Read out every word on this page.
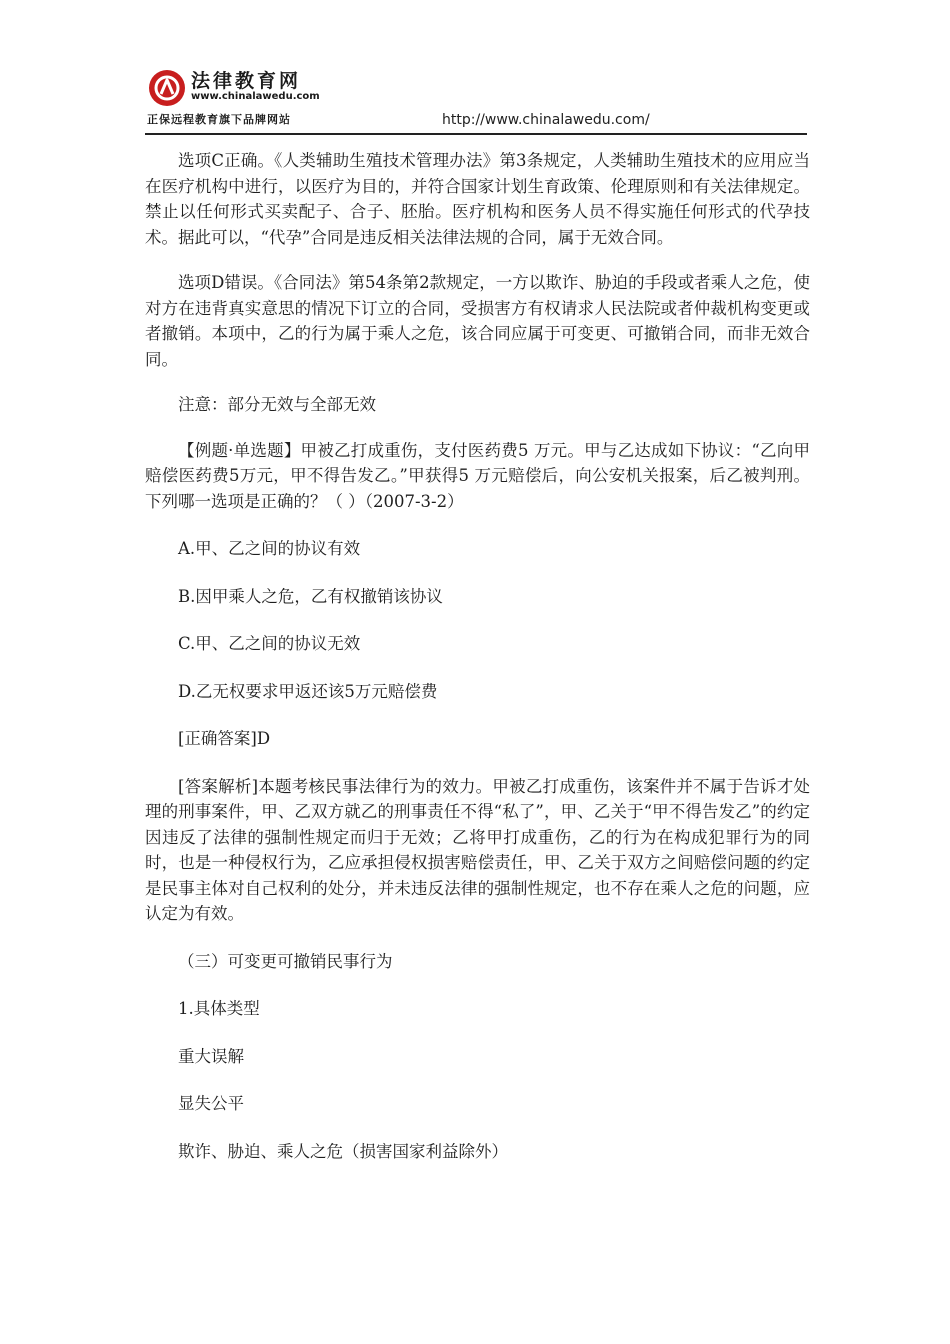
法律教育网
www.chinalawedu.com
正保远程教育旗下品牌网站	http://www.chinalawedu.com/

选项C正确。《人类辅助生殖技术管理办法》第3条规定，人类辅助生殖技术的应用应当在医疗机构中进行，以医疗为目的，并符合国家计划生育政策、伦理原则和有关法律规定。禁止以任何形式买卖配子、合子、胚胎。医疗机构和医务人员不得实施任何形式的代孕技术。据此可以，“代孕”合同是违反相关法律法规的合同，属于无效合同。

选项D错误。《合同法》第54条第2款规定，一方以欺诈、胁迫的手段或者乘人之危，使对方在违背真实意思的情况下订立的合同，受损害方有权请求人民法院或者仲裁机构变更或者撤销。本项中，乙的行为属于乘人之危，该合同应属于可变更、可撤销合同，而非无效合同。

注意：部分无效与全部无效

【例题·单选题】甲被乙打成重伤，支付医药费5 万元。甲与乙达成如下协议：“乙向甲赔偿医药费5万元，甲不得告发乙。”甲获得5 万元赔偿后，向公安机关报案，后乙被判刑。下列哪一选项是正确的？（ ）（2007-3-2）

A.甲、乙之间的协议有效

B.因甲乘人之危，乙有权撤销该协议

C.甲、乙之间的协议无效

D.乙无权要求甲返还该5万元赔偿费

[正确答案]D

[答案解析]本题考核民事法律行为的效力。甲被乙打成重伤，该案件并不属于告诉才处理的刑事案件，甲、乙双方就乙的刑事责任不得“私了”，甲、乙关于“甲不得告发乙”的约定因违反了法律的强制性规定而归于无效；乙将甲打成重伤，乙的行为在构成犯罪行为的同时，也是一种侵权行为，乙应承担侵权损害赔偿责任，甲、乙关于双方之间赔偿问题的约定是民事主体对自己权利的处分，并未违反法律的强制性规定，也不存在乘人之危的问题，应认定为有效。

（三）可变更可撤销民事行为

1.具体类型

重大误解

显失公平

欺诈、胁迫、乘人之危（损害国家利益除外）
